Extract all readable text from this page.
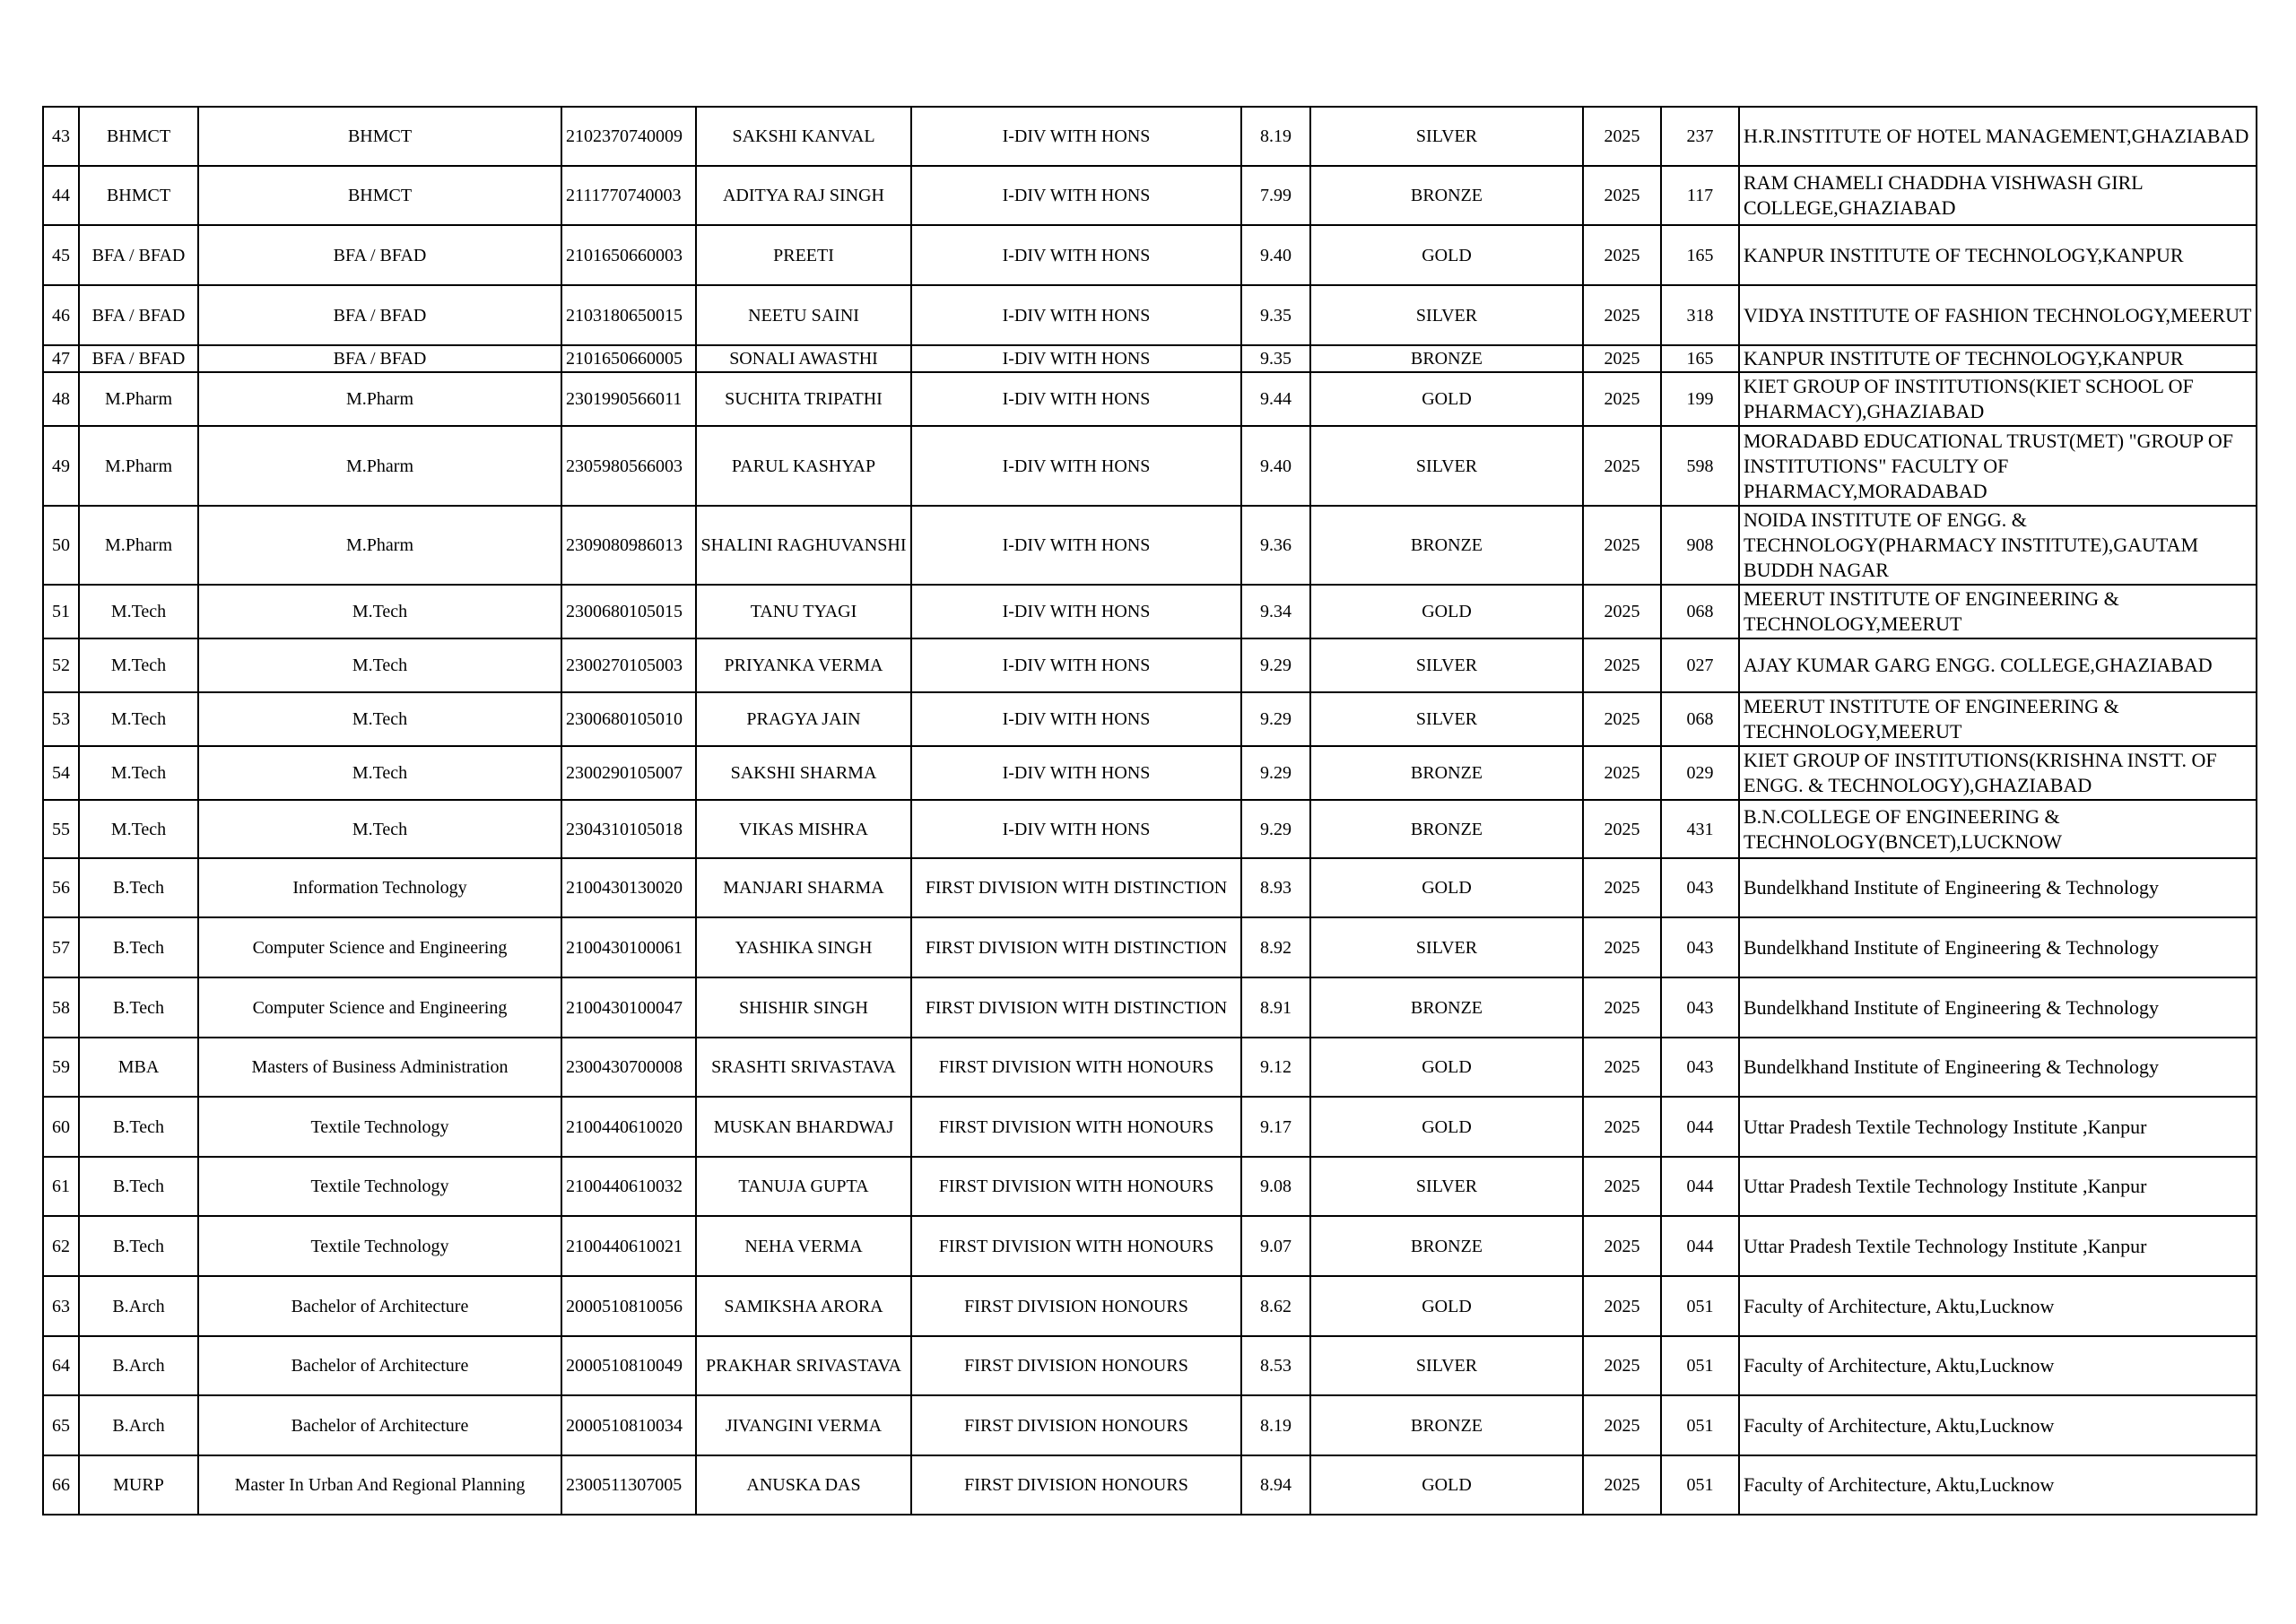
43	BHMCT	BHMCT	2102370740009	SAKSHI KANVAL	I-DIV WITH HONS	8.19	SILVER	2025	237	H.R.INSTITUTE OF HOTEL MANAGEMENT,GHAZIABAD
44	BHMCT	BHMCT	2111770740003	ADITYA RAJ SINGH	I-DIV WITH HONS	7.99	BRONZE	2025	117	RAM CHAMELI CHADDHA VISHWASH GIRL COLLEGE,GHAZIABAD
45	BFA / BFAD	BFA / BFAD	2101650660003	PREETI	I-DIV WITH HONS	9.40	GOLD	2025	165	KANPUR INSTITUTE OF TECHNOLOGY,KANPUR
46	BFA / BFAD	BFA / BFAD	2103180650015	NEETU SAINI	I-DIV WITH HONS	9.35	SILVER	2025	318	VIDYA INSTITUTE OF FASHION TECHNOLOGY,MEERUT
47	BFA / BFAD	BFA / BFAD	2101650660005	SONALI AWASTHI	I-DIV WITH HONS	9.35	BRONZE	2025	165	KANPUR INSTITUTE OF TECHNOLOGY,KANPUR
48	M.Pharm	M.Pharm	2301990566011	SUCHITA TRIPATHI	I-DIV WITH HONS	9.44	GOLD	2025	199	KIET GROUP OF INSTITUTIONS(KIET SCHOOL OF PHARMACY),GHAZIABAD
49	M.Pharm	M.Pharm	2305980566003	PARUL KASHYAP	I-DIV WITH HONS	9.40	SILVER	2025	598	MORADABD EDUCATIONAL TRUST(MET) "GROUP OF INSTITUTIONS" FACULTY OF PHARMACY,MORADABAD
50	M.Pharm	M.Pharm	2309080986013	SHALINI RAGHUVANSHI	I-DIV WITH HONS	9.36	BRONZE	2025	908	NOIDA INSTITUTE OF ENGG. & TECHNOLOGY(PHARMACY INSTITUTE),GAUTAM BUDDH NAGAR
51	M.Tech	M.Tech	2300680105015	TANU TYAGI	I-DIV WITH HONS	9.34	GOLD	2025	068	MEERUT INSTITUTE OF ENGINEERING & TECHNOLOGY,MEERUT
52	M.Tech	M.Tech	2300270105003	PRIYANKA VERMA	I-DIV WITH HONS	9.29	SILVER	2025	027	AJAY KUMAR GARG ENGG. COLLEGE,GHAZIABAD
53	M.Tech	M.Tech	2300680105010	PRAGYA JAIN	I-DIV WITH HONS	9.29	SILVER	2025	068	MEERUT INSTITUTE OF ENGINEERING & TECHNOLOGY,MEERUT
54	M.Tech	M.Tech	2300290105007	SAKSHI SHARMA	I-DIV WITH HONS	9.29	BRONZE	2025	029	KIET GROUP OF INSTITUTIONS(KRISHNA INSTT. OF ENGG. & TECHNOLOGY),GHAZIABAD
55	M.Tech	M.Tech	2304310105018	VIKAS MISHRA	I-DIV WITH HONS	9.29	BRONZE	2025	431	B.N.COLLEGE OF ENGINEERING & TECHNOLOGY(BNCET),LUCKNOW
56	B.Tech	Information Technology	2100430130020	MANJARI SHARMA	FIRST DIVISION WITH DISTINCTION	8.93	GOLD	2025	043	Bundelkhand Institute of Engineering & Technology
57	B.Tech	Computer Science and Engineering	2100430100061	YASHIKA SINGH	FIRST DIVISION WITH DISTINCTION	8.92	SILVER	2025	043	Bundelkhand Institute of Engineering & Technology
58	B.Tech	Computer Science and Engineering	2100430100047	SHISHIR SINGH	FIRST DIVISION WITH DISTINCTION	8.91	BRONZE	2025	043	Bundelkhand Institute of Engineering & Technology
59	MBA	Masters of Business Administration	2300430700008	SRASHTI SRIVASTAVA	FIRST DIVISION WITH HONOURS	9.12	GOLD	2025	043	Bundelkhand Institute of Engineering & Technology
60	B.Tech	Textile Technology	2100440610020	MUSKAN BHARDWAJ	FIRST DIVISION WITH HONOURS	9.17	GOLD	2025	044	Uttar Pradesh Textile Technology Institute ,Kanpur
61	B.Tech	Textile Technology	2100440610032	TANUJA GUPTA	FIRST DIVISION WITH HONOURS	9.08	SILVER	2025	044	Uttar Pradesh Textile Technology Institute ,Kanpur
62	B.Tech	Textile Technology	2100440610021	NEHA VERMA	FIRST DIVISION WITH HONOURS	9.07	BRONZE	2025	044	Uttar Pradesh Textile Technology Institute ,Kanpur
63	B.Arch	Bachelor of Architecture	2000510810056	SAMIKSHA ARORA	FIRST DIVISION HONOURS	8.62	GOLD	2025	051	Faculty of Architecture, Aktu,Lucknow
64	B.Arch	Bachelor of Architecture	2000510810049	PRAKHAR SRIVASTAVA	FIRST DIVISION HONOURS	8.53	SILVER	2025	051	Faculty of Architecture, Aktu,Lucknow
65	B.Arch	Bachelor of Architecture	2000510810034	JIVANGINI VERMA	FIRST DIVISION HONOURS	8.19	BRONZE	2025	051	Faculty of Architecture, Aktu,Lucknow
66	MURP	Master In Urban And Regional Planning	2300511307005	ANUSKA DAS	FIRST DIVISION HONOURS	8.94	GOLD	2025	051	Faculty of Architecture, Aktu,Lucknow
